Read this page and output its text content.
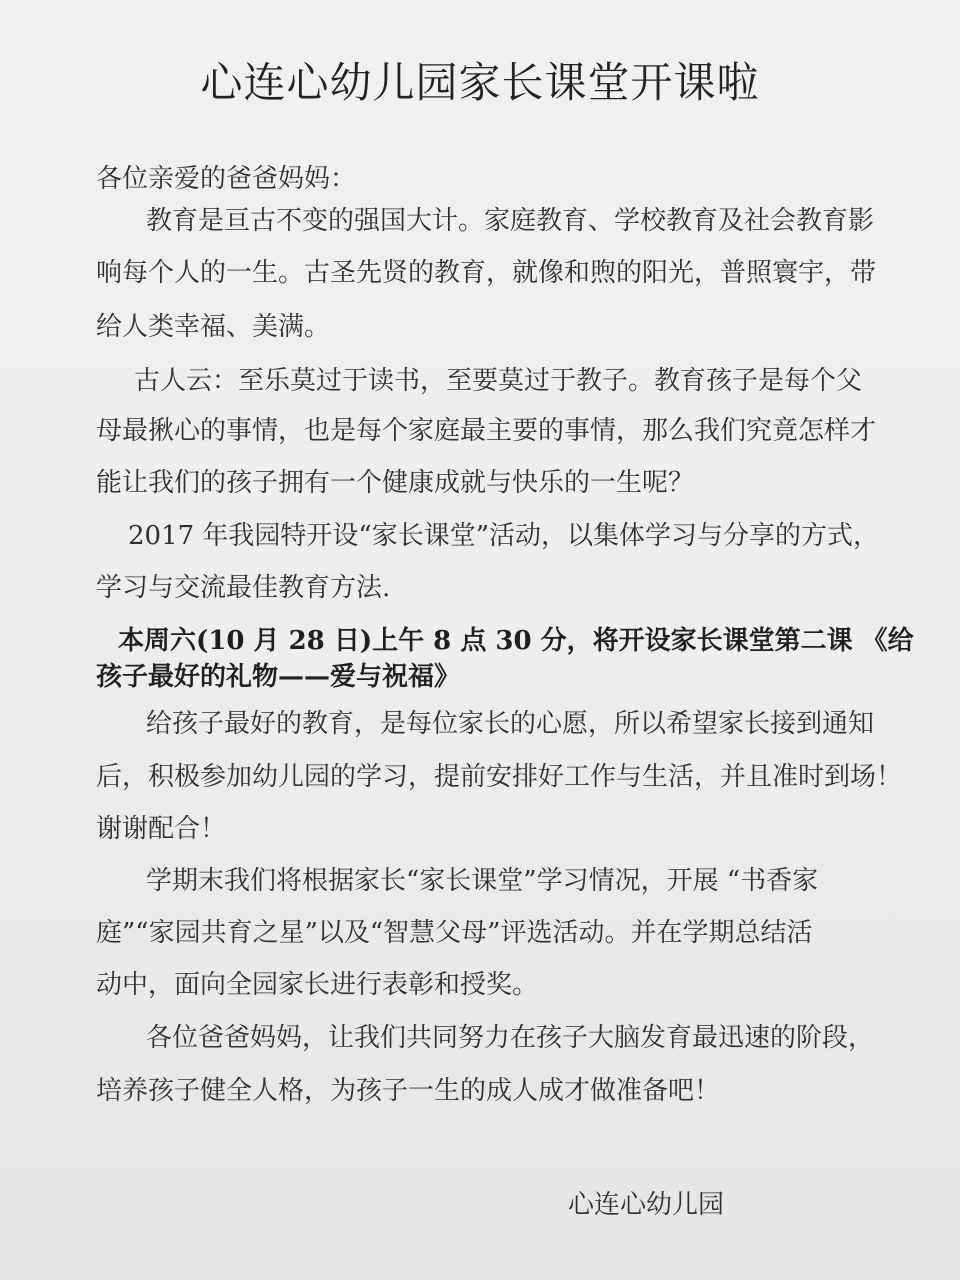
心连心幼儿园家长课堂开课啦
各位亲爱的爸爸妈妈：
教育是亘古不变的强国大计。家庭教育、学校教育及社会教育影
响每个人的一生。古圣先贤的教育，就像和煦的阳光，普照寰宇，带
给人类幸福、美满。
古人云：至乐莫过于读书，至要莫过于教子。教育孩子是每个父
母最揪心的事情，也是每个家庭最主要的事情，那么我们究竟怎样才
能让我们的孩子拥有一个健康成就与快乐的一生呢？
2017 年我园特开设“家长课堂”活动，以集体学习与分享的方式，
学习与交流最佳教育方法.
本周六(10 月 28 日)上午 8 点 30 分，将开设家长课堂第二课 《给
孩子最好的礼物——爱与祝福》
给孩子最好的教育，是每位家长的心愿，所以希望家长接到通知
后，积极参加幼儿园的学习，提前安排好工作与生活，并且准时到场！
谢谢配合！
学期末我们将根据家长“家长课堂”学习情况，开展 “书香家
庭”“家园共育之星”以及“智慧父母”评选活动。并在学期总结活
动中，面向全园家长进行表彰和授奖。
各位爸爸妈妈，让我们共同努力在孩子大脑发育最迅速的阶段，
培养孩子健全人格，为孩子一生的成人成才做准备吧！
心连心幼儿园
